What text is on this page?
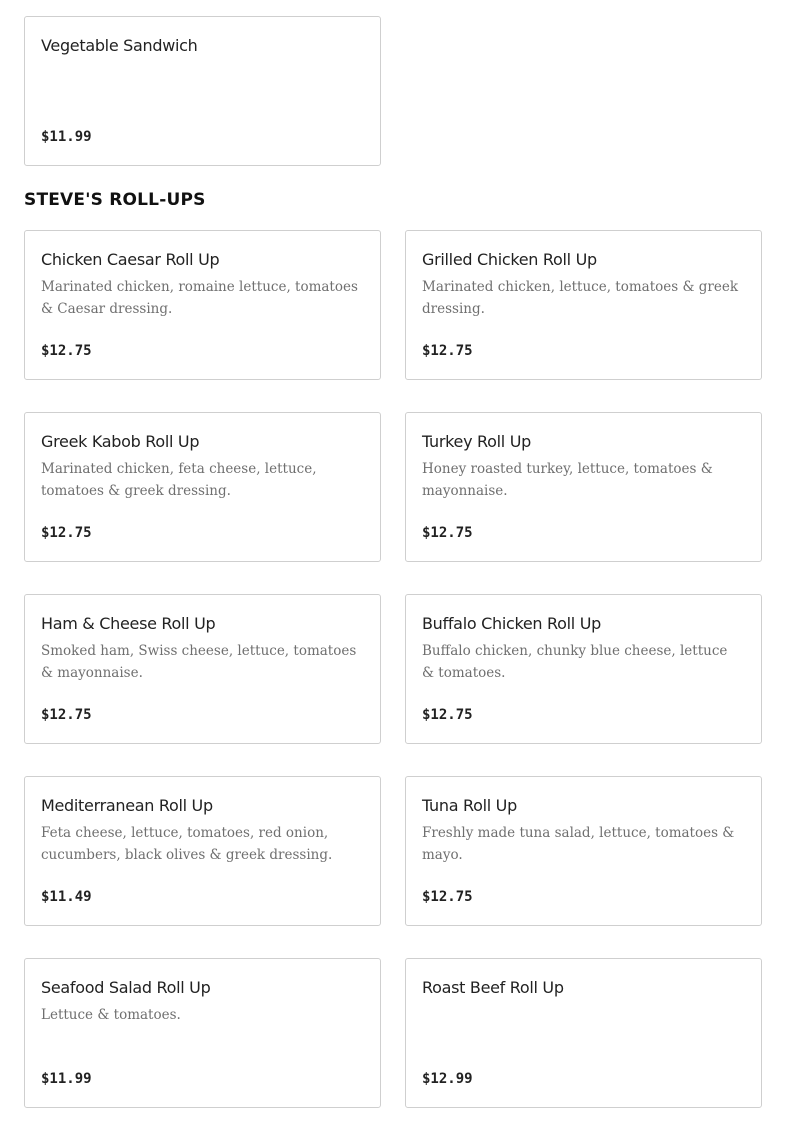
Vegetable Sandwich
$11.99
STEVE'S ROLL-UPS
Chicken Caesar Roll Up
Marinated chicken, romaine lettuce, tomatoes & Caesar dressing.
$12.75
Grilled Chicken Roll Up
Marinated chicken, lettuce, tomatoes & greek dressing.
$12.75
Greek Kabob Roll Up
Marinated chicken, feta cheese, lettuce, tomatoes & greek dressing.
$12.75
Turkey Roll Up
Honey roasted turkey, lettuce, tomatoes & mayonnaise.
$12.75
Ham & Cheese Roll Up
Smoked ham, Swiss cheese, lettuce, tomatoes & mayonnaise.
$12.75
Buffalo Chicken Roll Up
Buffalo chicken, chunky blue cheese, lettuce & tomatoes.
$12.75
Mediterranean Roll Up
Feta cheese, lettuce, tomatoes, red onion, cucumbers, black olives & greek dressing.
$11.49
Tuna Roll Up
Freshly made tuna salad, lettuce, tomatoes & mayo.
$12.75
Seafood Salad Roll Up
Lettuce & tomatoes.
$11.99
Roast Beef Roll Up
$12.99
